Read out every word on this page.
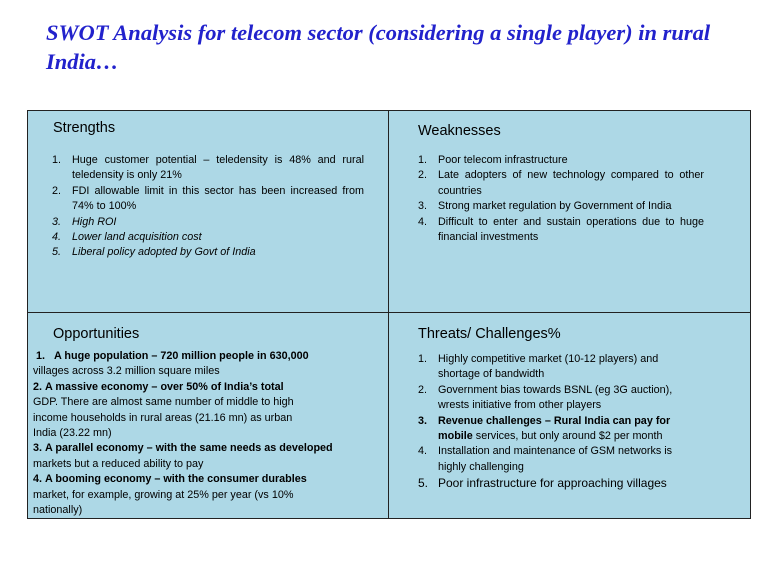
SWOT Analysis for telecom sector (considering a single player) in rural India…
Strengths
1. Huge customer potential – teledensity is 48% and rural teledensity is only 21%
2. FDI allowable limit in this sector has been increased from 74% to 100%
3. High ROI
4. Lower land acquisition cost
5. Liberal policy adopted by Govt of India
Weaknesses
1. Poor telecom infrastructure
2. Late adopters of new technology compared to other countries
3. Strong market regulation by Government of India
4. Difficult to enter and sustain operations due to huge financial investments
Opportunities
1. A huge population – 720 million people in 630,000
villages across 3.2 million square miles
2. A massive economy – over 50% of India’s total
GDP. There are almost same number of middle to high income households in rural areas (21.16 mn) as urban India (23.22 mn)
3. A parallel economy – with the same needs as developed
markets but a reduced ability to pay
4. A booming economy – with the consumer durables
market, for example, growing at 25% per year (vs 10% nationally)
Threats/ Challenges%
1. Highly competitive market (10-12 players) and shortage of bandwidth
2. Government bias towards BSNL (eg 3G auction), wrests initiative from other players
3. Revenue challenges – Rural India can pay for mobile services, but only around $2 per month
4. Installation and maintenance of GSM networks is highly challenging
5. Poor infrastructure for approaching villages
